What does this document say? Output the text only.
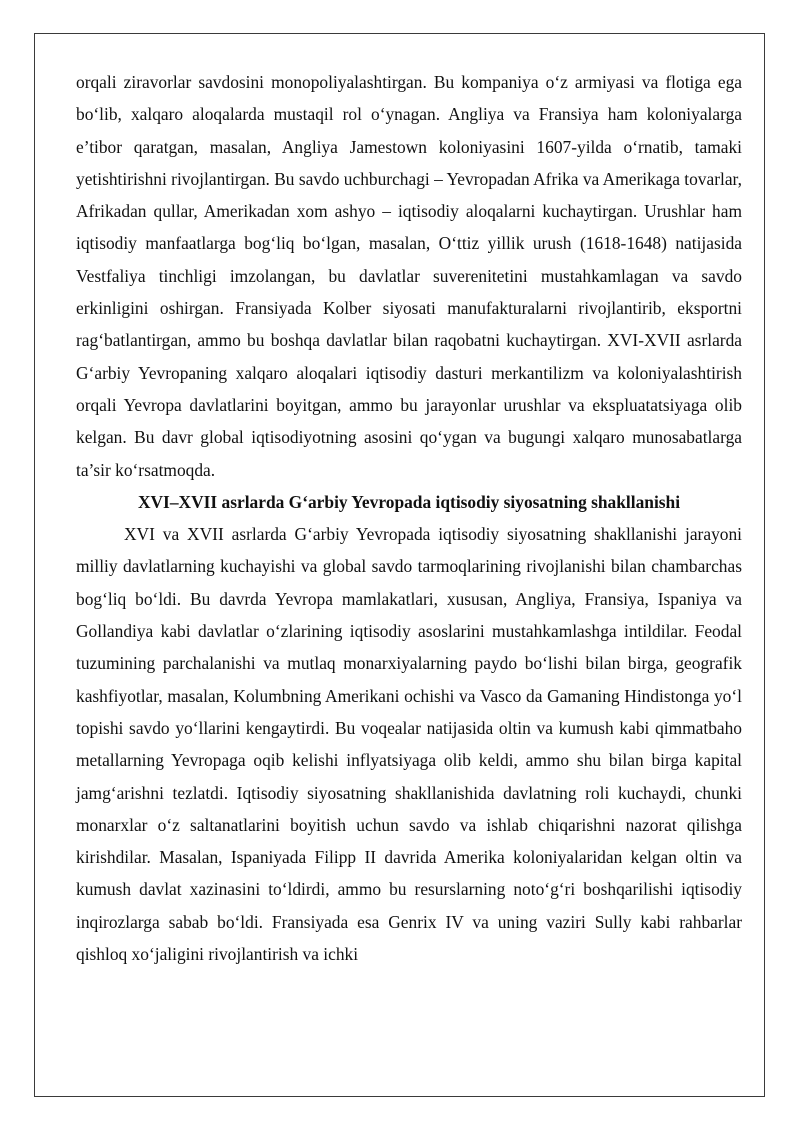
orqali ziravorlar savdosini monopoliyalashtirgan. Bu kompaniya o‘z armiyasi va flotiga ega bo‘lib, xalqaro aloqalarda mustaqil rol o‘ynagan. Angliya va Fransiya ham koloniyalarga e’tibor qaratgan, masalan, Angliya Jamestown koloniyasini 1607-yilda o‘rnatib, tamaki yetishtirishni rivojlantirgan. Bu savdo uchburchagi – Yevropadan Afrika va Amerikaga tovarlar, Afrikadan qullar, Amerikadan xom ashyo – iqtisodiy aloqalarni kuchaytirgan. Urushlar ham iqtisodiy manfaatlarga bog‘liq bo‘lgan, masalan, O‘ttiz yillik urush (1618-1648) natijasida Vestfaliya tinchligi imzolangan, bu davlatlar suverenitetini mustahkamlagan va savdo erkinligini oshirgan. Fransiyada Kolber siyosati manufakturalarni rivojlantirib, eksportni rag‘batlantirgan, ammo bu boshqa davlatlar bilan raqobatni kuchaytirgan. XVI-XVII asrlarda G‘arbiy Yevropaning xalqaro aloqalari iqtisodiy dasturi merkantilizm va koloniyalashtirish orqali Yevropa davlatlarini boyitgan, ammo bu jarayonlar urushlar va ekspluatatsiyaga olib kelgan. Bu davr global iqtisodiyotning asosini qo‘ygan va bugungi xalqaro munosabatlarga ta’sir ko‘rsatmoqda.

XVI–XVII asrlarda G‘arbiy Yevropada iqtisodiy siyosatning shakllanishi

XVI va XVII asrlarda G‘arbiy Yevropada iqtisodiy siyosatning shakllanishi jarayoni milliy davlatlarning kuchayishi va global savdo tarmoqlarining rivojlanishi bilan chambarchas bog‘liq bo‘ldi. Bu davrda Yevropa mamlakatlari, xususan, Angliya, Fransiya, Ispaniya va Gollandiya kabi davlatlar o‘zlarining iqtisodiy asoslarini mustahkamlashga intildilar. Feodal tuzumining parchalanishi va mutlaq monarxiyalarning paydo bo‘lishi bilan birga, geografik kashfiyotlar, masalan, Kolumbning Amerikani ochishi va Vasco da Gamaning Hindistonga yo‘l topishi savdo yo‘llarini kengaytirdi. Bu voqealar natijasida oltin va kumush kabi qimmatbaho metallarning Yevropaga oqib kelishi inflyatsiyaga olib keldi, ammo shu bilan birga kapital jamg‘arishni tezlatdi. Iqtisodiy siyosatning shakllanishida davlatning roli kuchaydi, chunki monarxlar o‘z saltanatlarini boyitish uchun savdo va ishlab chiqarishni nazorat qilishga kirishdilar. Masalan, Ispaniyada Filipp II davrida Amerika koloniyalaridan kelgan oltin va kumush davlat xazinasini to‘ldirdi, ammo bu resurslarning noto‘g‘ri boshqarilishi iqtisodiy inqirozlarga sabab bo‘ldi. Fransiyada esa Genrix IV va uning vaziri Sully kabi rahbarlar qishloq xo‘jaligini rivojlantirish va ichki
